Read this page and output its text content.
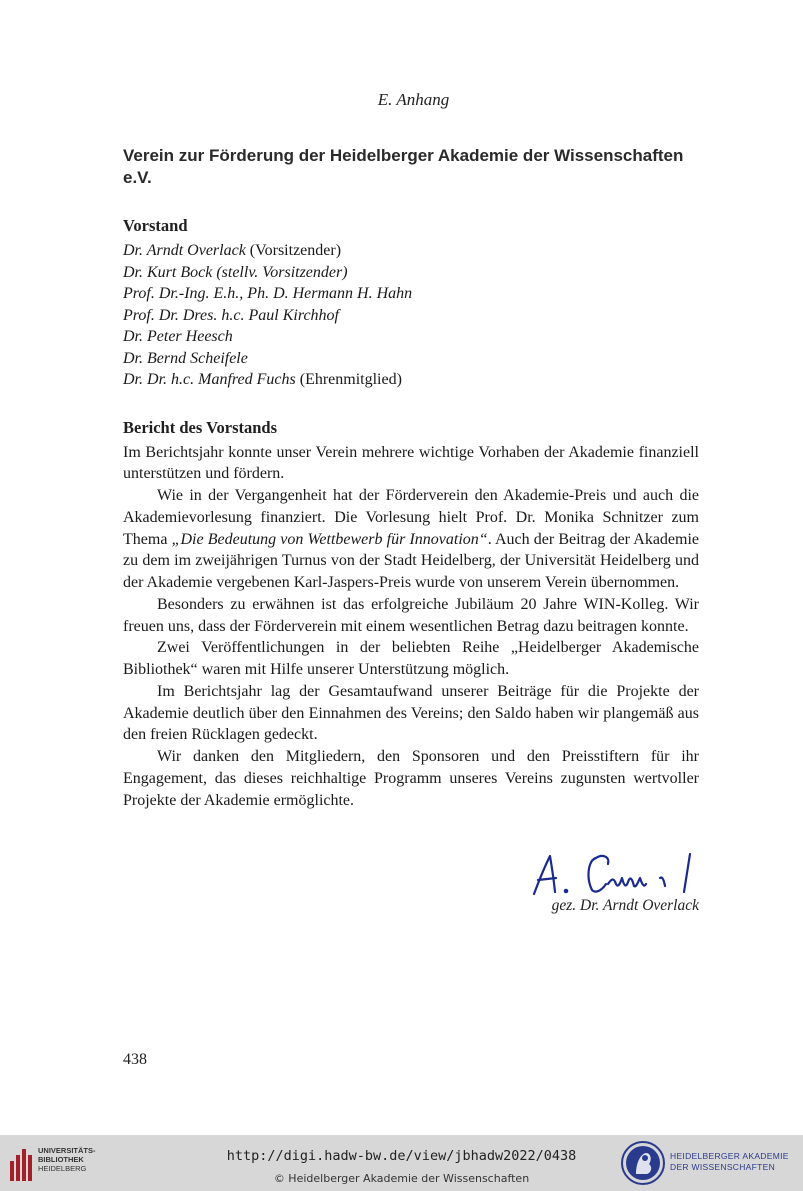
E. Anhang
Verein zur Förderung der Heidelberger Akademie der Wissenschaften e.V.
Vorstand
Dr. Arndt Overlack (Vorsitzender)
Dr. Kurt Bock (stellv. Vorsitzender)
Prof. Dr.-Ing. E.h., Ph. D. Hermann H. Hahn
Prof. Dr. Dres. h.c. Paul Kirchhof
Dr. Peter Heesch
Dr. Bernd Scheifele
Dr. Dr. h.c. Manfred Fuchs (Ehrenmitglied)
Bericht des Vorstands

Im Berichtsjahr konnte unser Verein mehrere wichtige Vorhaben der Akademie finanziell unterstützen und fördern.

Wie in der Vergangenheit hat der Förderverein den Akademie-Preis und auch die Akademievorlesung finanziert. Die Vorlesung hielt Prof. Dr. Monika Schnitzer zum Thema „Die Bedeutung von Wettbewerb für Innovation“. Auch der Beitrag der Akademie zu dem im zweijährigen Turnus von der Stadt Heidelberg, der Universität Heidelberg und der Akademie vergebenen Karl-Jaspers-Preis wurde von unserem Verein übernommen.

Besonders zu erwähnen ist das erfolgreiche Jubiläum 20 Jahre WIN-Kolleg. Wir freuen uns, dass der Förderverein mit einem wesentlichen Betrag dazu beitragen konnte.

Zwei Veröffentlichungen in der beliebten Reihe „Heidelberger Akademische Bibliothek“ waren mit Hilfe unserer Unterstützung möglich.

Im Berichtsjahr lag der Gesamtaufwand unserer Beiträge für die Projekte der Akademie deutlich über den Einnahmen des Vereins; den Saldo haben wir plangemäß aus den freien Rücklagen gedeckt.

Wir danken den Mitgliedern, den Sponsoren und den Preisstiftern für ihr Engagement, das dieses reichhaltige Programm unseres Vereins zugunsten wertvoller Projekte der Akademie ermöglichte.

gez. Dr. Arndt Overlack
438
UNIVERSITÄTS-
BIBLIOTHEK
HEIDELBERG
http://digi.hadw-bw.de/view/jbhadw2022/0438
© Heidelberger Akademie der Wissenschaften
HEIDELBERGER AKADEMIE
DER WISSENSCHAFTEN
